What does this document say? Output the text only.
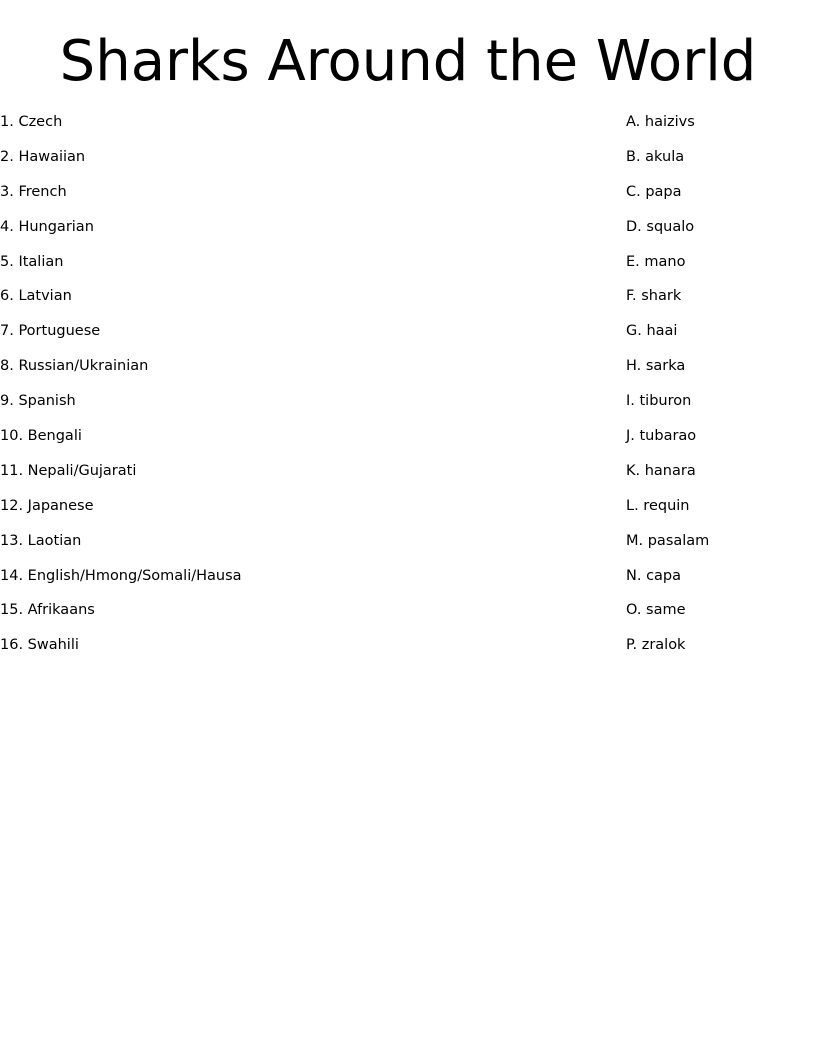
Sharks Around the World
1. Czech
2. Hawaiian
3. French
4. Hungarian
5. Italian
6. Latvian
7. Portuguese
8. Russian/Ukrainian
9. Spanish
10. Bengali
11. Nepali/Gujarati
12. Japanese
13. Laotian
14. English/Hmong/Somali/Hausa
15. Afrikaans
16. Swahili
A. haizivs
B. akula
C. papa
D. squalo
E. mano
F. shark
G. haai
H. sarka
I. tiburon
J. tubarao
K. hanara
L. requin
M. pasalam
N. capa
O. same
P. zralok
